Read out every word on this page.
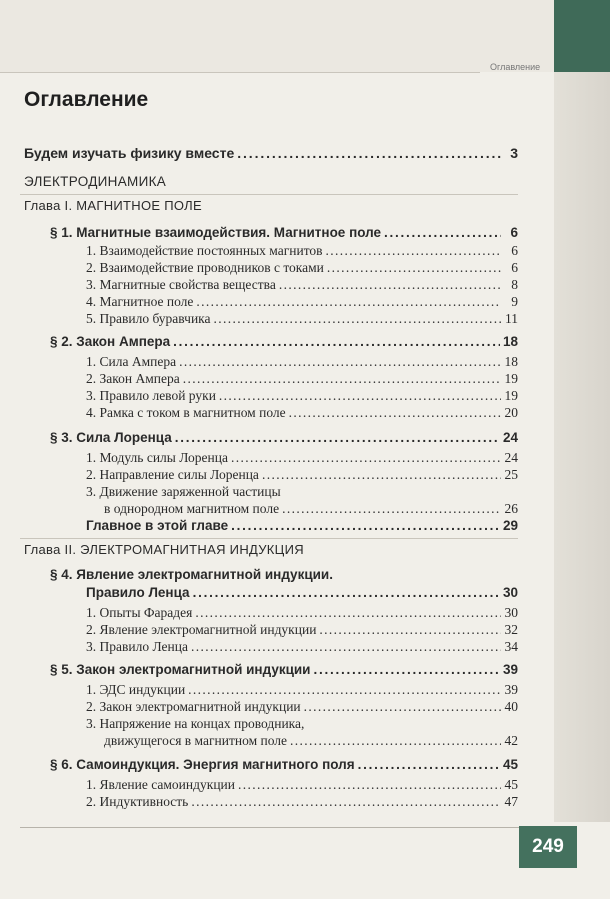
Оглавление
Оглавление
Будем изучать физику вместе . . .	3
ЭЛЕКТРОДИНАМИКА
Глава I. МАГНИТНОЕ ПОЛЕ
§ 1. Магнитные взаимодействия. Магнитное поле . . .	6
1. Взаимодействие постоянных магнитов . . .	6
2. Взаимодействие проводников с токами . . .	6
3. Магнитные свойства вещества . . .	8
4. Магнитное поле . . .	9
5. Правило буравчика . . .	11
§ 2. Закон Ампера . . .	18
1. Сила Ампера . . .	18
2. Закон Ампера . . .	19
3. Правило левой руки . . .	19
4. Рамка с током в магнитном поле . . .	20
§ 3. Сила Лоренца . . .	24
1. Модуль силы Лоренца . . .	24
2. Направление силы Лоренца . . .	25
3. Движение заряженной частицы
в однородном магнитном поле . . .	26
Главное в этой главе . . .	29
Глава II. ЭЛЕКТРОМАГНИТНАЯ ИНДУКЦИЯ
§ 4. Явление электромагнитной индукции.
Правило Ленца . . .	30
1. Опыты Фарадея . . .	30
2. Явление электромагнитной индукции . . .	32
3. Правило Ленца . . .	34
§ 5. Закон электромагнитной индукции . . .	39
1. ЭДС индукции . . .	39
2. Закон электромагнитной индукции . . .	40
3. Напряжение на концах проводника,
движущегося в магнитном поле . . .	42
§ 6. Самоиндукция. Энергия магнитного поля . . .	45
1. Явление самоиндукции . . .	45
2. Индуктивность . . .	47
249
